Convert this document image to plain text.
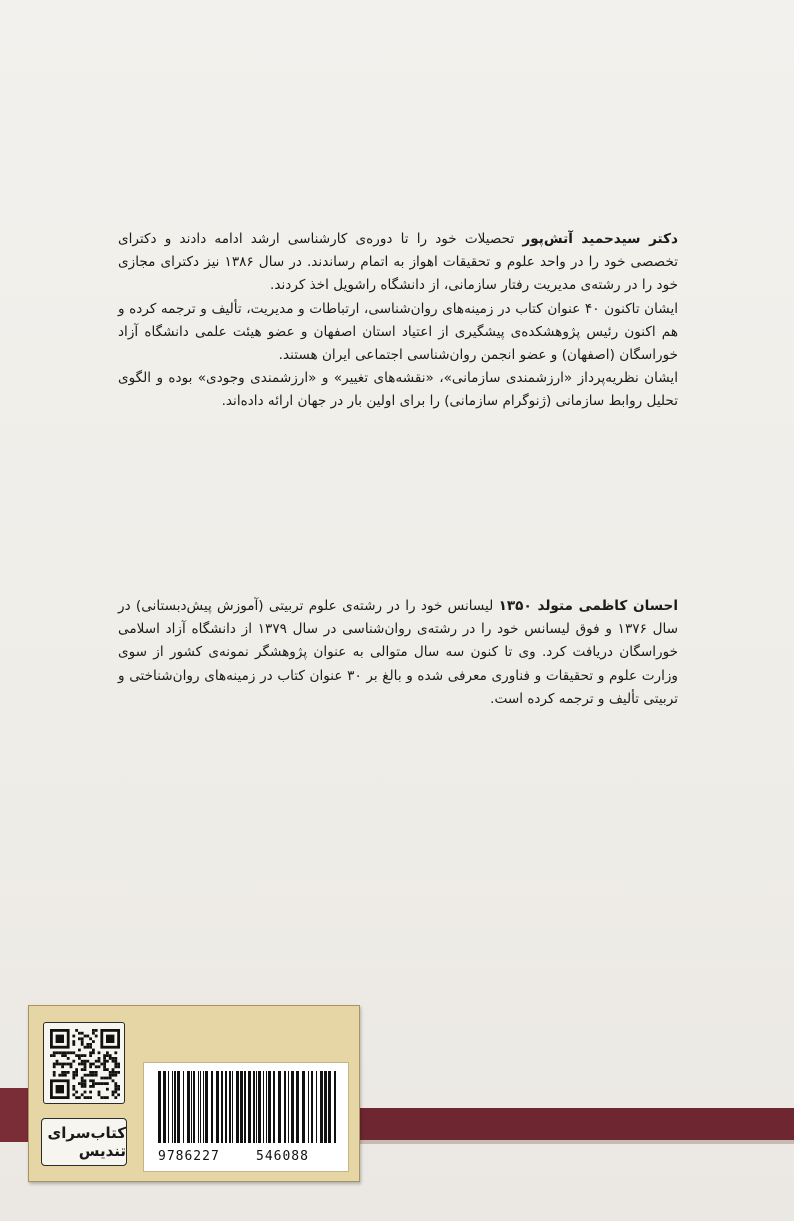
دکتر سیدحمید آتش‌پور تحصیلات خود را تا دوره‌ی کارشناسی ارشد ادامه دادند و دکترای تخصصی خود را در واحد علوم و تحقیقات اهواز به اتمام رساندند. در سال ۱۳۸۶ نیز دکترای مجازی خود را در رشته‌ی مدیریت رفتار سازمانی، از دانشگاه راشویل اخذ کردند.

ایشان تاکنون ۴۰ عنوان کتاب در زمینه‌های روان‌شناسی، ارتباطات و مدیریت، تألیف و ترجمه کرده و هم اکنون رئیس پژوهشکده‌ی پیشگیری از اعتیاد استان اصفهان و عضو هیئت علمی دانشگاه آزاد خوراسگان (اصفهان) و عضو انجمن روان‌شناسی اجتماعی ایران هستند.

ایشان نظریه‌پرداز «ارزشمندی سازمانی»، «نقشه‌های تغییر» و «ارزشمندی وجودی» بوده و الگوی تحلیل روابط سازمانی (ژنوگرام سازمانی) را برای اولین بار در جهان ارائه داده‌اند.

احسان کاظمی متولد ۱۳۵۰ لیسانس خود را در رشته‌ی علوم تربیتی (آموزش پیش‌دبستانی) در سال ۱۳۷۶ و فوق لیسانس خود را در رشته‌ی روان‌شناسی در سال ۱۳۷۹ از دانشگاه آزاد اسلامی خوراسگان دریافت کرد. وی تا کنون سه سال متوالی به عنوان پژوهشگر نمونه‌ی کشور از سوی وزارت علوم و تحقیقات و فناوری معرفی شده و بالغ بر ۳۰ عنوان کتاب در زمینه‌های روان‌شناختی و تربیتی تألیف و ترجمه کرده است.

کتاب‌سرای تندیس 9786227	546088
